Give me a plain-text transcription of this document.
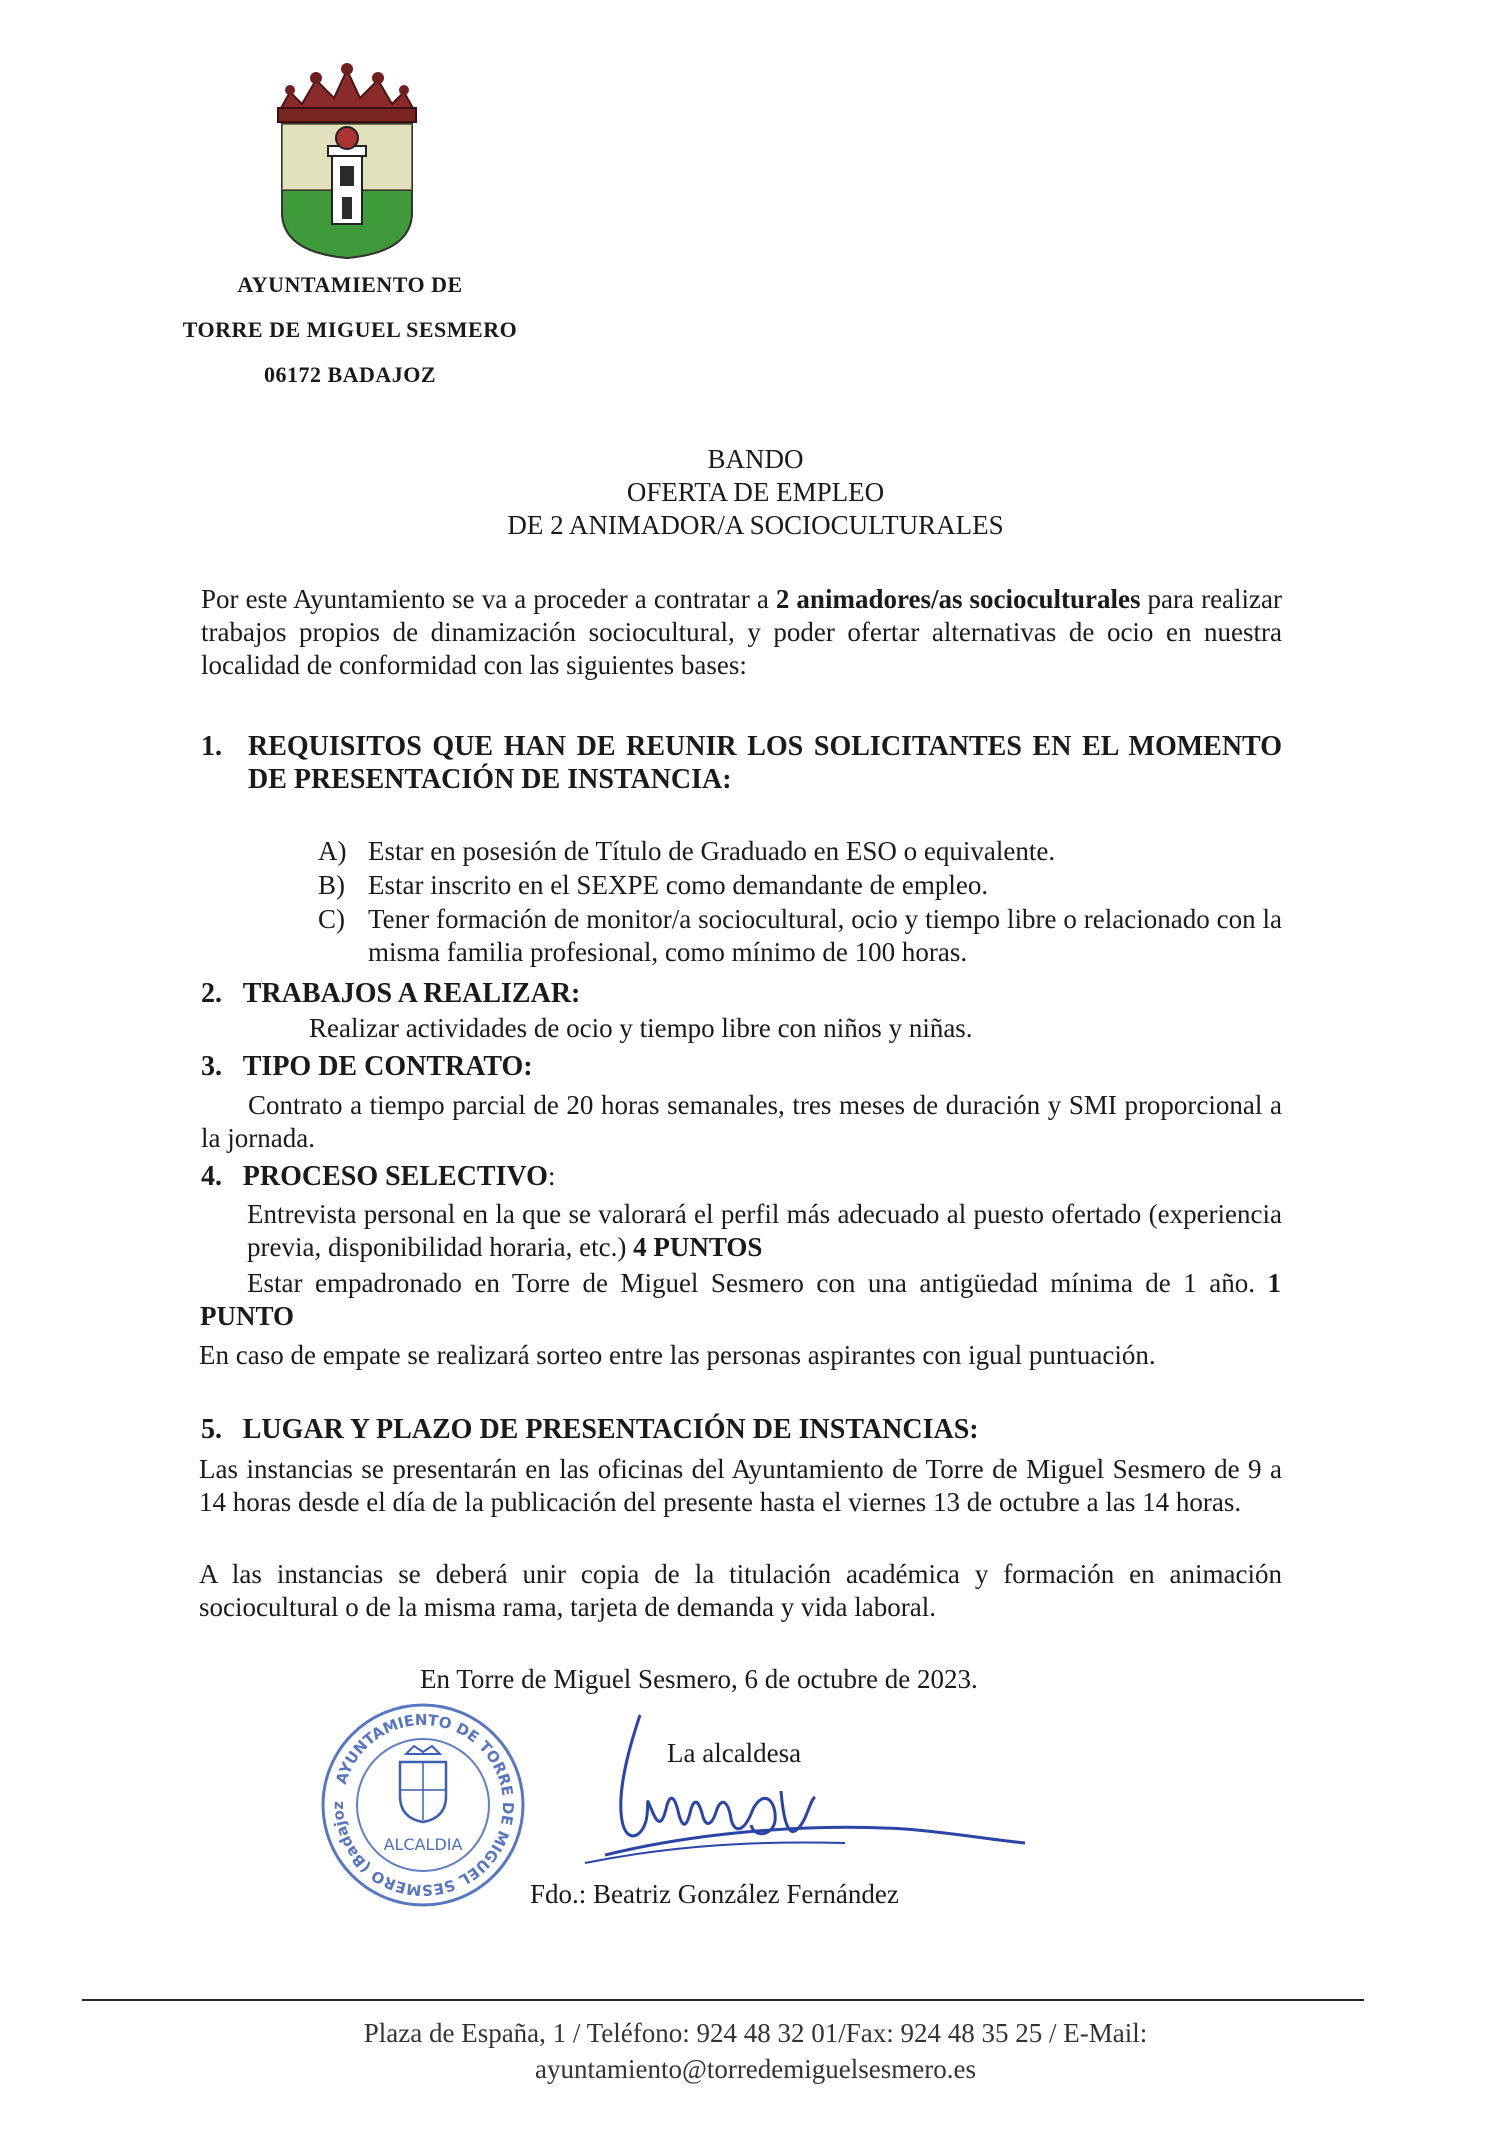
AYUNTAMIENTO DE
TORRE DE MIGUEL SESMERO
06172 BADAJOZ
BANDO
OFERTA DE EMPLEO
DE 2 ANIMADOR/A SOCIOCULTURALES
Por este Ayuntamiento se va a proceder a contratar a 2 animadores/as socioculturales para realizar trabajos propios de dinamización sociocultural, y poder ofertar alternativas de ocio en nuestra localidad de conformidad con las siguientes bases:
1. REQUISITOS QUE HAN DE REUNIR LOS SOLICITANTES EN EL MOMENTO DE PRESENTACIÓN DE INSTANCIA:
A) Estar en posesión de Título de Graduado en ESO o equivalente.
B) Estar inscrito en el SEXPE como demandante de empleo.
C) Tener formación de monitor/a sociocultural, ocio y tiempo libre o relacionado con la misma familia profesional, como mínimo de 100 horas.
2. TRABAJOS A REALIZAR:
Realizar actividades de ocio y tiempo libre con niños y niñas.
3. TIPO DE CONTRATO:
Contrato a tiempo parcial de 20 horas semanales, tres meses de duración y SMI proporcional a la jornada.
4. PROCESO SELECTIVO:
Entrevista personal en la que se valorará el perfil más adecuado al puesto ofertado (experiencia previa, disponibilidad horaria, etc.) 4 PUNTOS
Estar empadronado en Torre de Miguel Sesmero con una antigüedad mínima de 1 año. 1 PUNTO
En caso de empate se realizará sorteo entre las personas aspirantes con igual puntuación.
5. LUGAR Y PLAZO DE PRESENTACIÓN DE INSTANCIAS:
Las instancias se presentarán en las oficinas del Ayuntamiento de Torre de Miguel Sesmero de 9 a 14 horas desde el día de la publicación del presente hasta el viernes 13 de octubre a las 14 horas.
A las instancias se deberá unir copia de la titulación académica y formación en animación sociocultural o de la misma rama, tarjeta de demanda y vida laboral.
En Torre de Miguel Sesmero, 6 de octubre de 2023.
AYUNTAMIENTO DE TORRE DE MIGUEL SESMERO (Badajoz
ALCALDIA
La alcaldesa
Fdo.: Beatriz González Fernández
Plaza de España, 1 / Teléfono: 924 48 32 01/Fax: 924 48 35 25 / E-Mail:
ayuntamiento@torredemiguelsesmero.es
